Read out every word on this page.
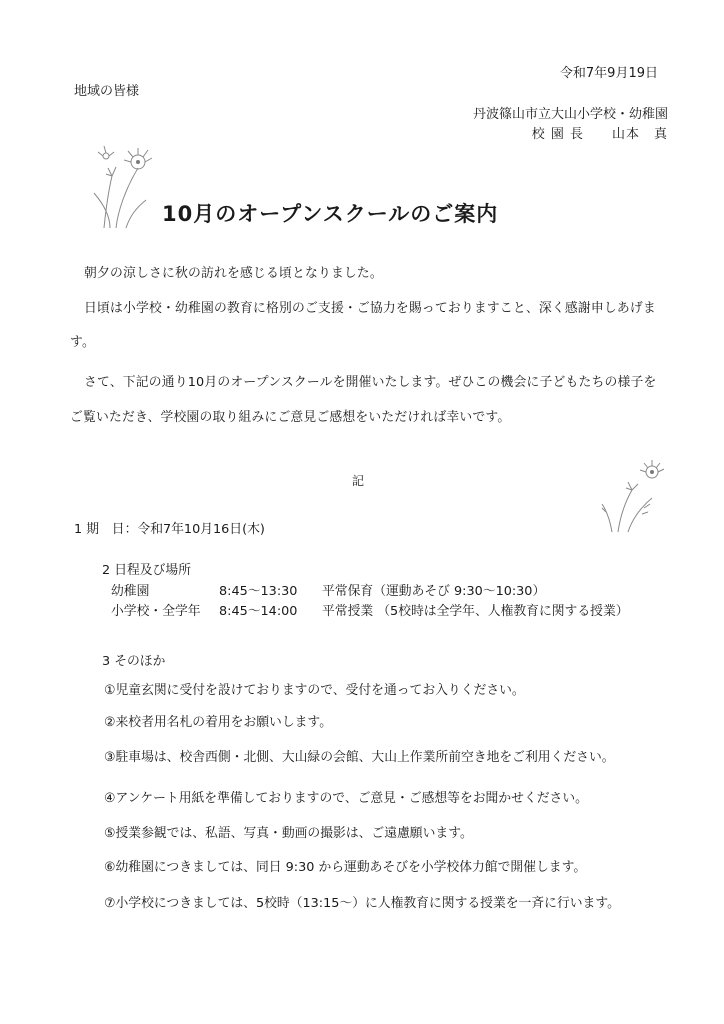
令和7年9月19日
地域の皆様
丹波篠山市立大山小学校・幼稚園
校 園 長　　山本　真
10月のオープンスクールのご案内
朝夕の涼しさに秋の訪れを感じる頃となりました。
日頃は小学校・幼稚園の教育に格別のご支援・ご協力を賜っておりますこと、深く感謝申しあげま
す。
さて、下記の通り10月のオープンスクールを開催いたします。ぜひこの機会に子どもたちの様子を
ご覧いただき、学校園の取り組みにご意見ご感想をいただければ幸いです。
記
1 期　日：令和7年10月16日(木)
2 日程及び場所
幼稚園	8:45～13:30 平常保育（運動あそび 9:30～10:30）
小学校・全学年 8:45～14:00 平常授業 （5校時は全学年、人権教育に関する授業）
3 そのほか
①児童玄関に受付を設けておりますので、受付を通ってお入りください。
②来校者用名札の着用をお願いします。
③駐車場は、校舎西側・北側、大山緑の会館、大山上作業所前空き地をご利用ください。
④アンケート用紙を準備しておりますので、ご意見・ご感想等をお聞かせください。
⑤授業参観では、私語、写真・動画の撮影は、ご遠慮願います。
⑥幼稚園につきましては、同日 9:30 から運動あそびを小学校体力館で開催します。
⑦小学校につきましては、5校時（13:15～）に人権教育に関する授業を一斉に行います。
